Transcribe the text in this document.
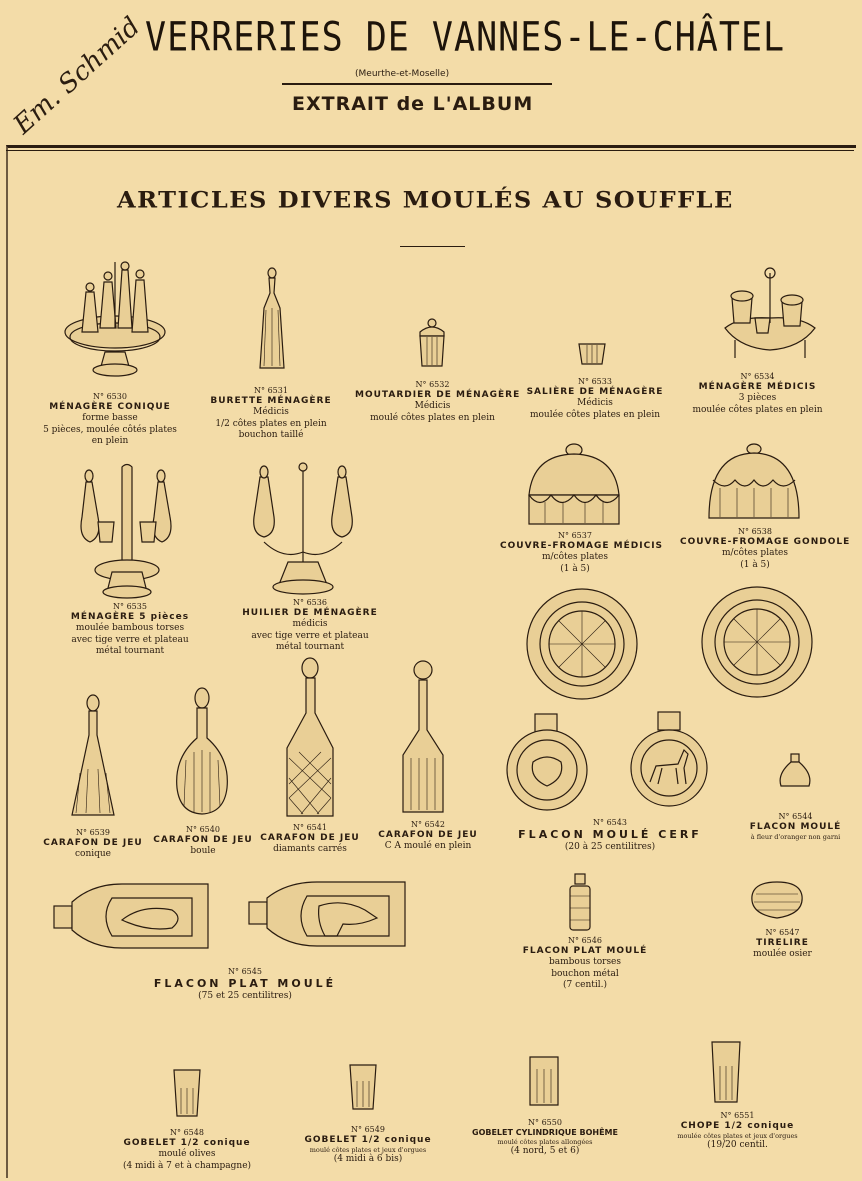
Em. Schmid
VERRERIES DE VANNES-LE-CHÂTEL
(Meurthe-et-Moselle)
EXTRAIT de L'ALBUM
ARTICLES DIVERS MOULÉS AU SOUFFLE
N° 6530
MÉNAGÈRE CONIQUE
forme basse
5 pièces, moulée côtés plates
en plein
N° 6531
BURETTE MÉNAGÈRE
Médicis
1/2 côtes plates en plein
bouchon taillé
N° 6532
MOUTARDIER DE MÉNAGÈRE
Médicis
moulé côtes plates en plein
N° 6533
SALIÈRE DE MÉNAGÈRE
Médicis
moulée côtes plates en plein
N° 6534
MÉNAGÈRE MÉDICIS
3 pièces
moulée côtes plates en plein
N° 6535
MÉNAGÈRE 5 pièces
moulée bambous torses
avec tige verre et plateau
métal tournant
N° 6536
HUILIER DE MÉNAGÈRE
médicis
avec tige verre et plateau
métal tournant
N° 6537
COUVRE-FROMAGE MÉDICIS
m/côtes plates
(1 à 5)
N° 6538
COUVRE-FROMAGE GONDOLE
m/côtes plates
(1 à 5)
N° 6539
CARAFON DE JEU
conique
N° 6540
CARAFON DE JEU
boule
N° 6541
CARAFON DE JEU
diamants carrés
N° 6542
CARAFON DE JEU
C A moulé en plein
N° 6543
FLACON MOULÉ CERF
(20 à 25 centilitres)
N° 6544
FLACON MOULÉ
à fleur d'oranger non garni
N° 6545
FLACON PLAT MOULÉ
(75 et 25 centilitres)
N° 6546
FLACON PLAT MOULÉ
bambous torses
bouchon métal
(7 centil.)
N° 6547
TIRELIRE
moulée osier
N° 6548
GOBELET 1/2 conique
moulé olives
(4 midi à 7 et à champagne)
N° 6549
GOBELET 1/2 conique
moulé côtes plates et jeux d'orgues
(4 midi à 6 bis)
N° 6550
GOBELET CYLINDRIQUE BOHÊME
moulé côtes plates allongées
(4 nord, 5 et 6)
N° 6551
CHOPE 1/2 conique
moulée côtes plates et jeux d'orgues
(19/20 centil.
